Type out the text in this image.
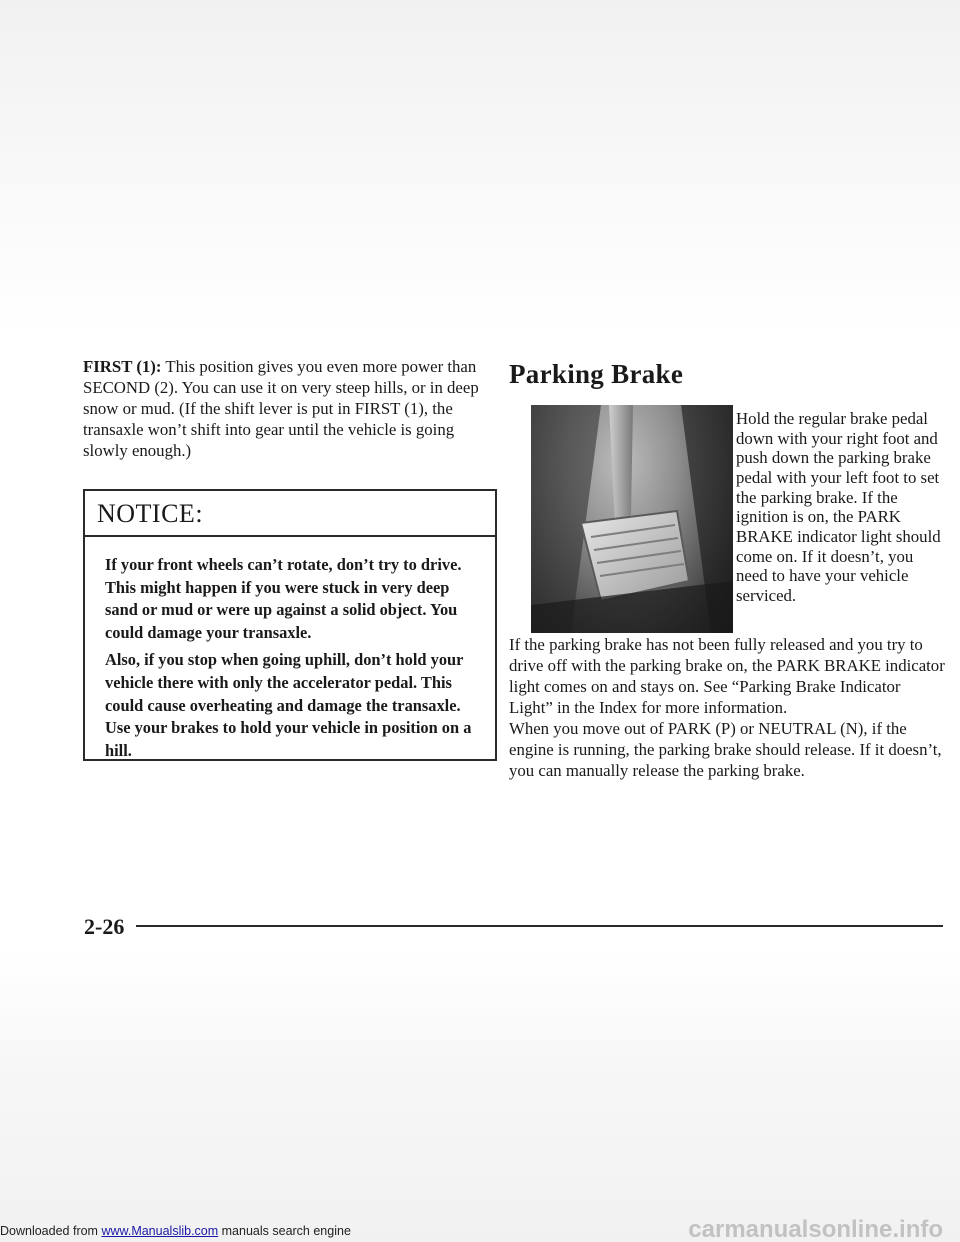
FIRST (1): This position gives you even more power than SECOND (2). You can use it on very steep hills, or in deep snow or mud. (If the shift lever is put in FIRST (1), the transaxle won’t shift into gear until the vehicle is going slowly enough.)

NOTICE:

If your front wheels can’t rotate, don’t try to drive. This might happen if you were stuck in very deep sand or mud or were up against a solid object. You could damage your transaxle.

Also, if you stop when going uphill, don’t hold your vehicle there with only the accelerator pedal. This could cause overheating and damage the transaxle. Use your brakes to hold your vehicle in position on a hill.

Parking Brake

Hold the regular brake pedal down with your right foot and push down the parking brake pedal with your left foot to set the parking brake. If the ignition is on, the PARK BRAKE indicator light should come on. If it doesn’t, you need to have your vehicle serviced.

If the parking brake has not been fully released and you try to drive off with the parking brake on, the PARK BRAKE indicator light comes on and stays on. See “Parking Brake Indicator Light” in the Index for more information.

When you move out of PARK (P) or NEUTRAL (N), if the engine is running, the parking brake should release. If it doesn’t, you can manually release the parking brake.

2-26
Downloaded from www.Manualslib.com manuals search engine	carmanualsonline.info
